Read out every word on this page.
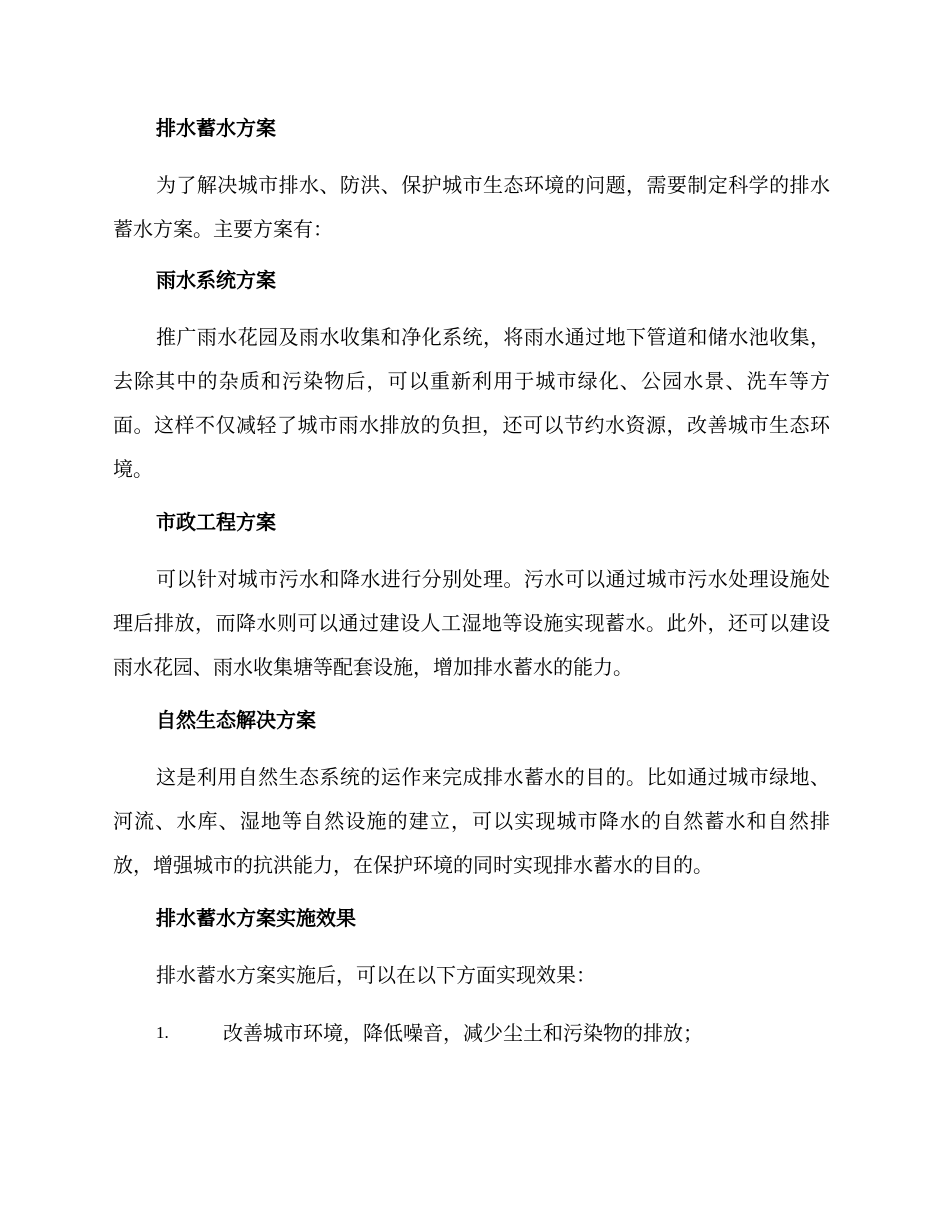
排水蓄水方案

为了解决城市排水、防洪、保护城市生态环境的问题，需要制定科学的排水蓄水方案。主要方案有：

雨水系统方案

推广雨水花园及雨水收集和净化系统，将雨水通过地下管道和储水池收集，去除其中的杂质和污染物后，可以重新利用于城市绿化、公园水景、洗车等方面。这样不仅减轻了城市雨水排放的负担，还可以节约水资源，改善城市生态环境。

市政工程方案

可以针对城市污水和降水进行分别处理。污水可以通过城市污水处理设施处理后排放，而降水则可以通过建设人工湿地等设施实现蓄水。此外，还可以建设雨水花园、雨水收集塘等配套设施，增加排水蓄水的能力。

自然生态解决方案

这是利用自然生态系统的运作来完成排水蓄水的目的。比如通过城市绿地、河流、水库、湿地等自然设施的建立，可以实现城市降水的自然蓄水和自然排放，增强城市的抗洪能力，在保护环境的同时实现排水蓄水的目的。

排水蓄水方案实施效果

排水蓄水方案实施后，可以在以下方面实现效果：

1.	改善城市环境，降低噪音，减少尘土和污染物的排放；
